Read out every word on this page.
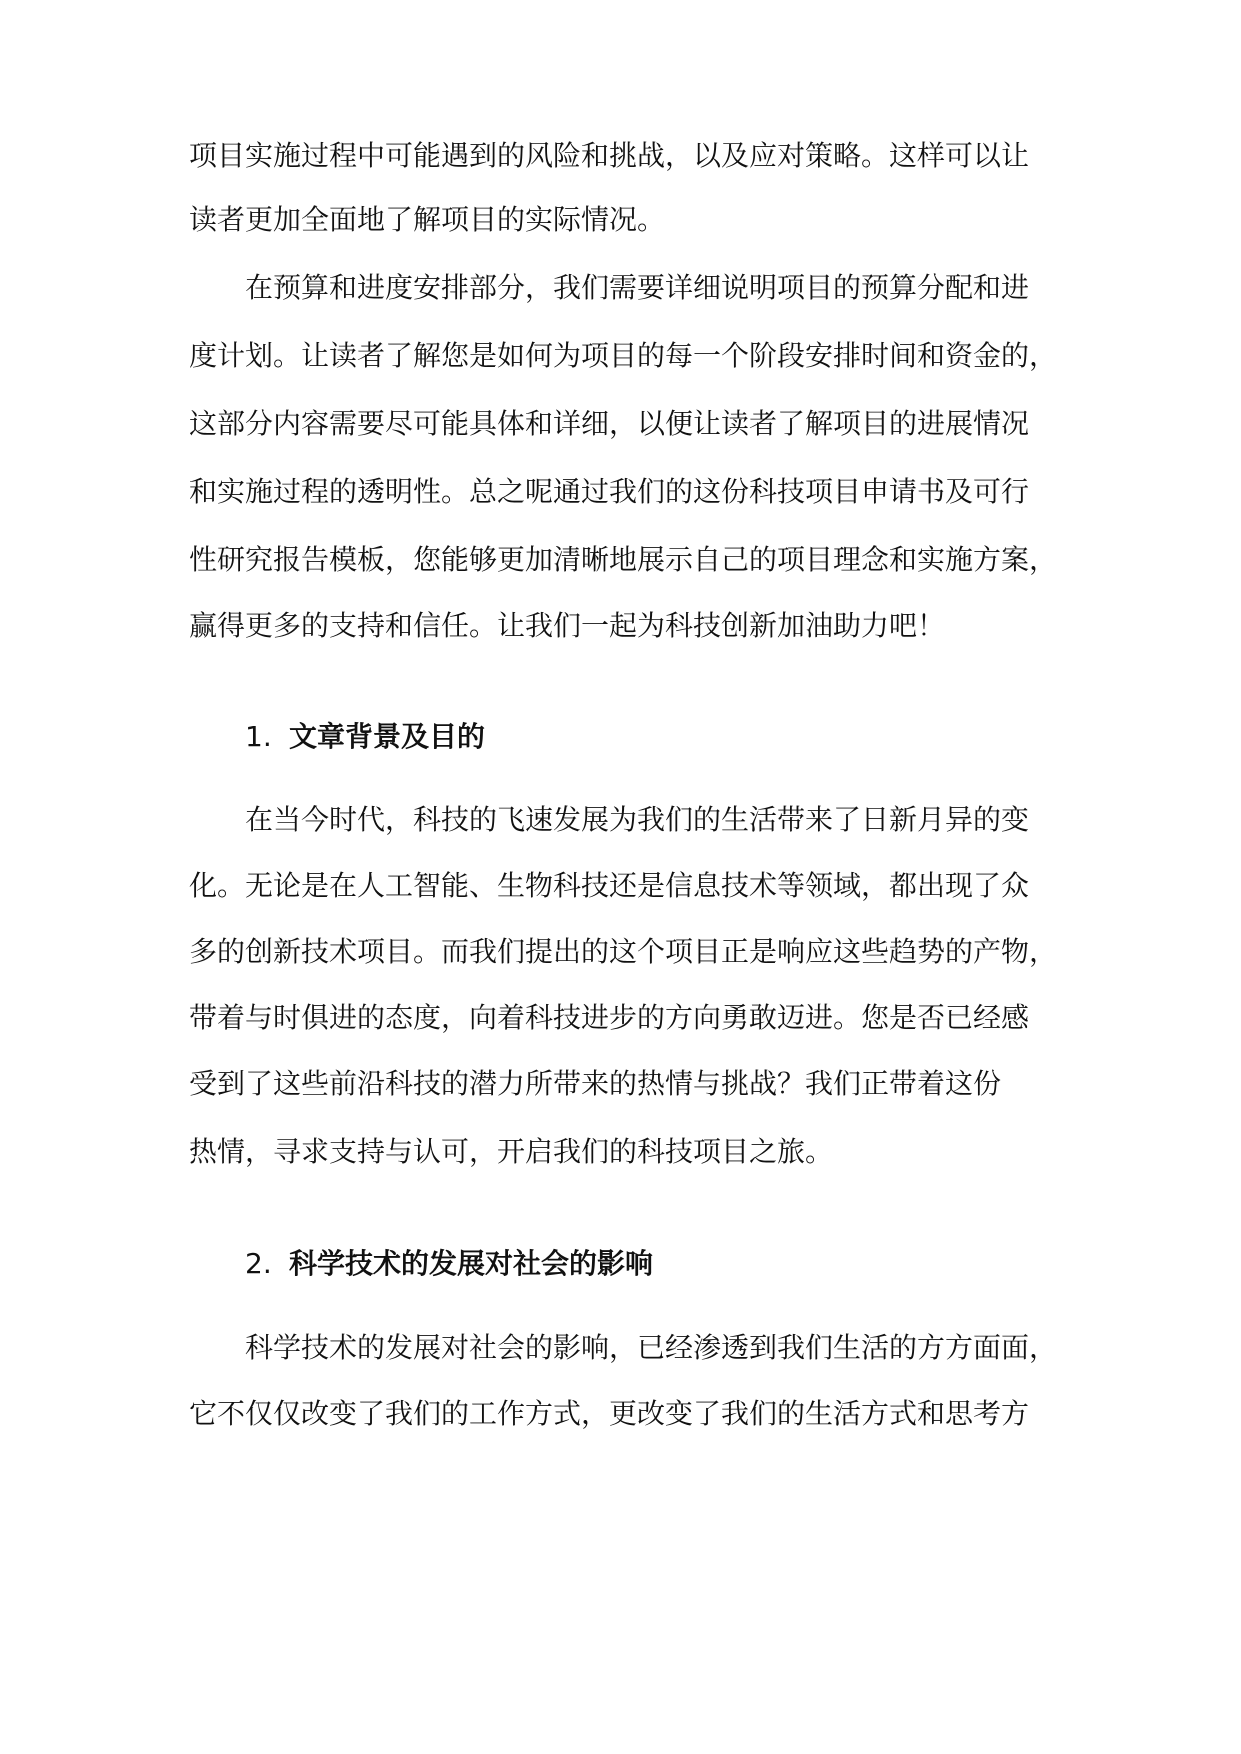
项目实施过程中可能遇到的风险和挑战，以及应对策略。这样可以让
读者更加全面地了解项目的实际情况。
在预算和进度安排部分，我们需要详细说明项目的预算分配和进
度计划。让读者了解您是如何为项目的每一个阶段安排时间和资金的，
这部分内容需要尽可能具体和详细，以便让读者了解项目的进展情况
和实施过程的透明性。总之呢通过我们的这份科技项目申请书及可行
性研究报告模板，您能够更加清晰地展示自己的项目理念和实施方案，
赢得更多的支持和信任。让我们一起为科技创新加油助力吧！
1. 文章背景及目的
在当今时代，科技的飞速发展为我们的生活带来了日新月异的变
化。无论是在人工智能、生物科技还是信息技术等领域，都出现了众
多的创新技术项目。而我们提出的这个项目正是响应这些趋势的产物，
带着与时俱进的态度，向着科技进步的方向勇敢迈进。您是否已经感
受到了这些前沿科技的潜力所带来的热情与挑战？我们正带着这份
热情，寻求支持与认可，开启我们的科技项目之旅。
2. 科学技术的发展对社会的影响
科学技术的发展对社会的影响，已经渗透到我们生活的方方面面，
它不仅仅改变了我们的工作方式，更改变了我们的生活方式和思考方
